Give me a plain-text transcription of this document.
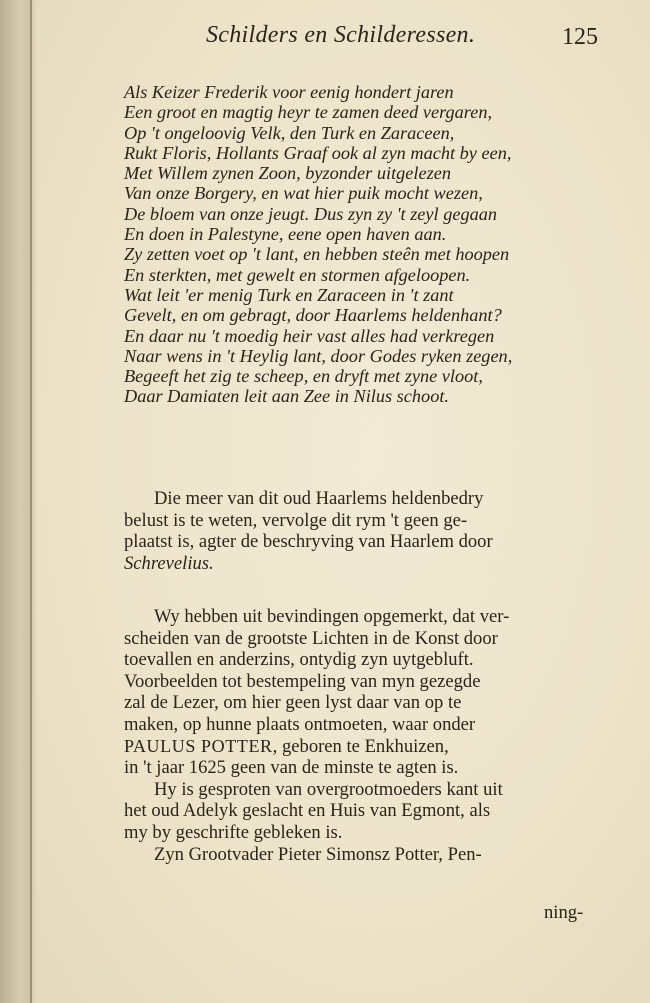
Schilders en Schilderessen.	125
Als Keizer Frederik voor eenig hondert jaren
Een groot en magtig heyr te zamen deed vergaren,
Op 't ongeloovig Velk, den Turk en Zaraceen,
Rukt Floris, Hollants Graaf ook al zyn macht by een,
Met Willem zynen Zoon, byzonder uitgelezen
Van onze Borgery, en wat hier puik mocht wezen,
De bloem van onze jeugt. Dus zyn zy 't zeyl gegaan
En doen in Palestyne, eene open haven aan.
Zy zetten voet op 't lant, en hebben steên met hoopen
En sterkten, met gewelt en stormen afgeloopen.
Wat leit 'er menig Turk en Zaraceen in 't zant
Gevelt, en om gebragt, door Haarlems heldenhant?
En daar nu 't moedig heir vast alles had verkregen
Naar wens in 't Heylig lant, door Godes ryken zegen,
Begeeft het zig te scheep, en dryft met zyne vloot,
Daar Damiaten leit aan Zee in Nilus schoot.

Die meer van dit oud Haarlems heldenbedry

belust is te weten, vervolge dit rym 't geen ge-
plaatst is, agter de beschryving van Haarlem door
Schrevelius.

Wy hebben uit bevindingen opgemerkt, dat ver-

scheiden van de grootste Lichten in de Konst door
toevallen en anderzins, ontydig zyn uytgebluft.
Voorbeelden tot bestempeling van myn gezegde
zal de Lezer, om hier geen lyst daar van op te
maken, op hunne plaats ontmoeten, waar onder
PAULUS POTTER, geboren te Enkhuizen,
in 't jaar 1625 geen van de minste te agten is.

Hy is gesproten van overgrootmoeders kant uit

het oud Adelyk geslacht en Huis van Egmont, als
my by geschrifte gebleken is.

Zyn Grootvader Pieter Simonsz Potter, Pen-

ning-
